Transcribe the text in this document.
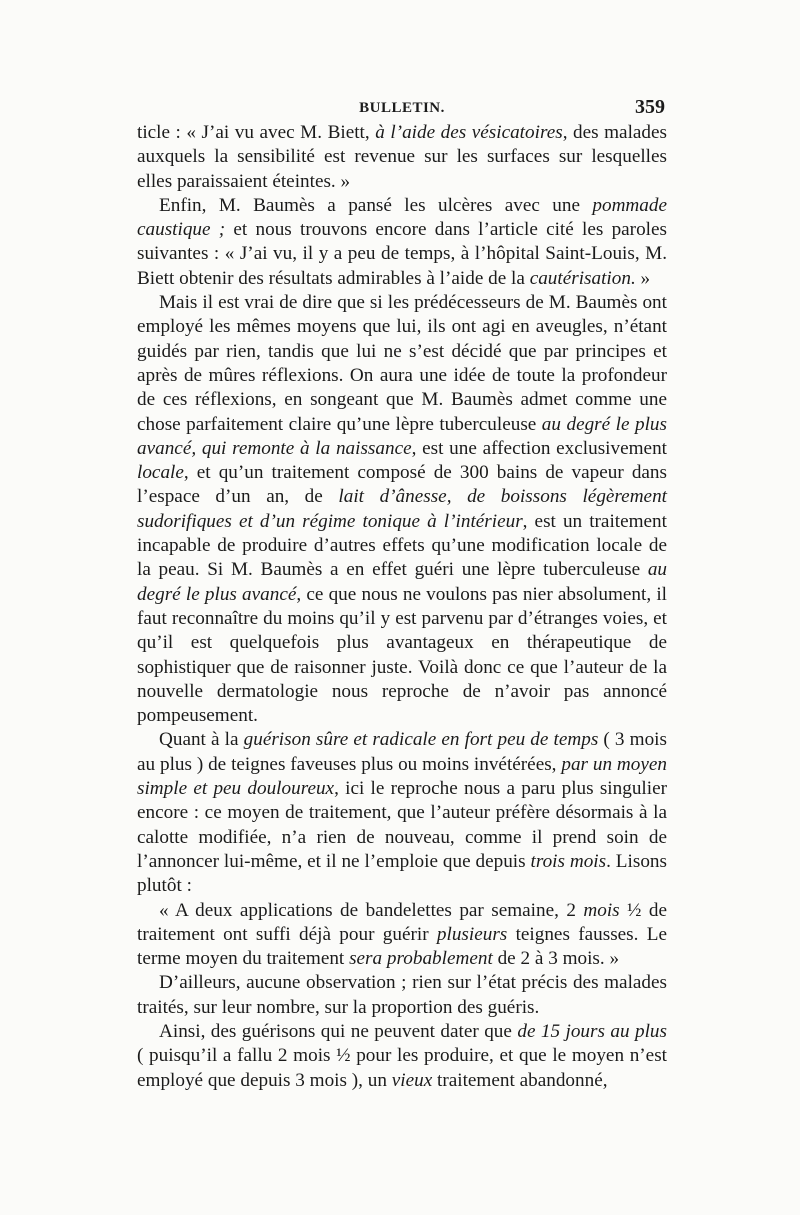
BULLETIN.	359

ticle : « J’ai vu avec M. Biett, à l’aide des vésicatoires, des malades auxquels la sensibilité est revenue sur les surfaces sur lesquelles elles paraissaient éteintes. »

Enfin, M. Baumès a pansé les ulcères avec une pommade caustique ; et nous trouvons encore dans l’article cité les paroles suivantes : « J’ai vu, il y a peu de temps, à l’hôpital Saint-Louis, M. Biett obtenir des résultats admirables à l’aide de la cautérisation. »

Mais il est vrai de dire que si les prédécesseurs de M. Baumès ont employé les mêmes moyens que lui, ils ont agi en aveugles, n’étant guidés par rien, tandis que lui ne s’est décidé que par principes et après de mûres réflexions. On aura une idée de toute la profondeur de ces réflexions, en songeant que M. Baumès admet comme une chose parfaitement claire qu’une lèpre tuberculeuse au degré le plus avancé, qui remonte à la naissance, est une affection exclusivement locale, et qu’un traitement composé de 300 bains de vapeur dans l’espace d’un an, de lait d’ânesse, de boissons légèrement sudorifiques et d’un régime tonique à l’intérieur, est un traitement incapable de produire d’autres effets qu’une modification locale de la peau. Si M. Baumès a en effet guéri une lèpre tuberculeuse au degré le plus avancé, ce que nous ne voulons pas nier absolument, il faut reconnaître du moins qu’il y est parvenu par d’étranges voies, et qu’il est quelquefois plus avantageux en thérapeutique de sophistiquer que de raisonner juste. Voilà donc ce que l’auteur de la nouvelle dermatologie nous reproche de n’avoir pas annoncé pompeusement.

Quant à la guérison sûre et radicale en fort peu de temps ( 3 mois au plus ) de teignes faveuses plus ou moins invétérées, par un moyen simple et peu douloureux, ici le reproche nous a paru plus singulier encore : ce moyen de traitement, que l’auteur préfère désormais à la calotte modifiée, n’a rien de nouveau, comme il prend soin de l’annoncer lui-même, et il ne l’emploie que depuis trois mois. Lisons plutôt :

« A deux applications de bandelettes par semaine, 2 mois ½ de traitement ont suffi déjà pour guérir plusieurs teignes fausses. Le terme moyen du traitement sera probablement de 2 à 3 mois. »

D’ailleurs, aucune observation ; rien sur l’état précis des malades traités, sur leur nombre, sur la proportion des guéris.

Ainsi, des guérisons qui ne peuvent dater que de 15 jours au plus ( puisqu’il a fallu 2 mois ½ pour les produire, et que le moyen n’est employé que depuis 3 mois ), un vieux traitement abandonné,
